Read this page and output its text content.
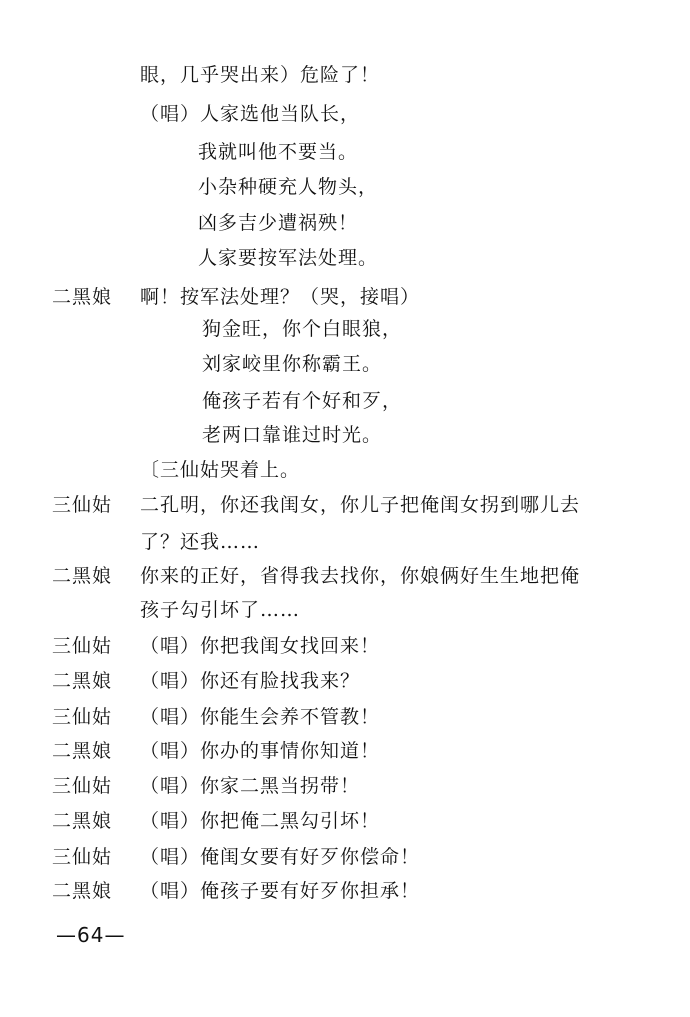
眼，几乎哭出来）危险了！
（唱）人家选他当队长，
我就叫他不要当。
小杂种硬充人物头，
凶多吉少遭祸殃！
人家要按军法处理。
二黑娘	啊！按军法处理？（哭，接唱）
狗金旺，你个白眼狼，
刘家峧里你称霸王。
俺孩子若有个好和歹，
老两口靠谁过时光。
〔三仙姑哭着上。
三仙姑	二孔明，你还我闺女，你儿子把俺闺女拐到哪儿去
了？还我……
二黑娘	你来的正好，省得我去找你，你娘俩好生生地把俺
孩子勾引坏了……
三仙姑	（唱）你把我闺女找回来！
二黑娘	（唱）你还有脸找我来？
三仙姑	（唱）你能生会养不管教！
二黑娘	（唱）你办的事情你知道！
三仙姑	（唱）你家二黑当拐带！
二黑娘	（唱）你把俺二黑勾引坏！
三仙姑	（唱）俺闺女要有好歹你偿命！
二黑娘	（唱）俺孩子要有好歹你担承！
—64—
